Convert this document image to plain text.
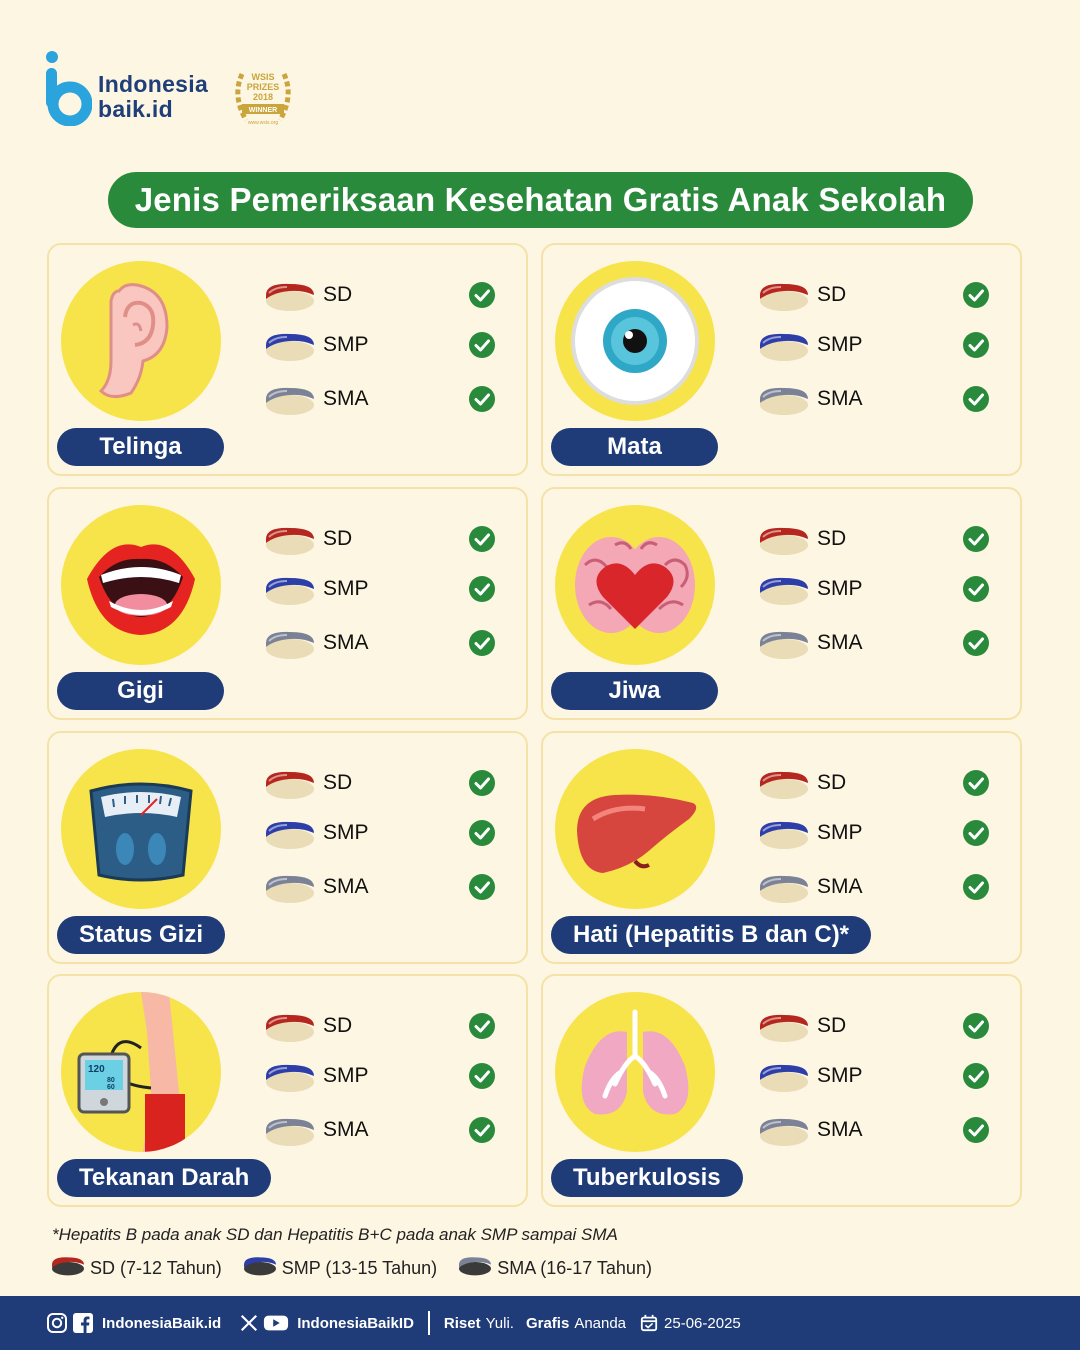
Indonesia
baik.id
WSIS
PRIZES
2018
WINNER
www.wsis.org
Jenis Pemeriksaan Kesehatan Gratis Anak Sekolah
SD
SMP
SMA
Telinga
SD
SMP
SMA
Mata
SD
SMP
SMA
Gigi
SD
SMP
SMA
Jiwa
SD
SMP
SMA
Status Gizi
SD
SMP
SMA
Hati (Hepatitis B dan C)*
120
80
60
SD
SMP
SMA
Tekanan Darah
SD
SMP
SMA
Tuberkulosis
*Hepatits B pada anak SD dan Hepatitis B+C pada anak SMP sampai SMA
SD (7-12 Tahun)	SMP (13-15 Tahun)	SMA (16-17 Tahun)
IndonesiaBaik.id	IndonesiaBaikID Riset Yuli. Grafis Ananda	25-06-2025
